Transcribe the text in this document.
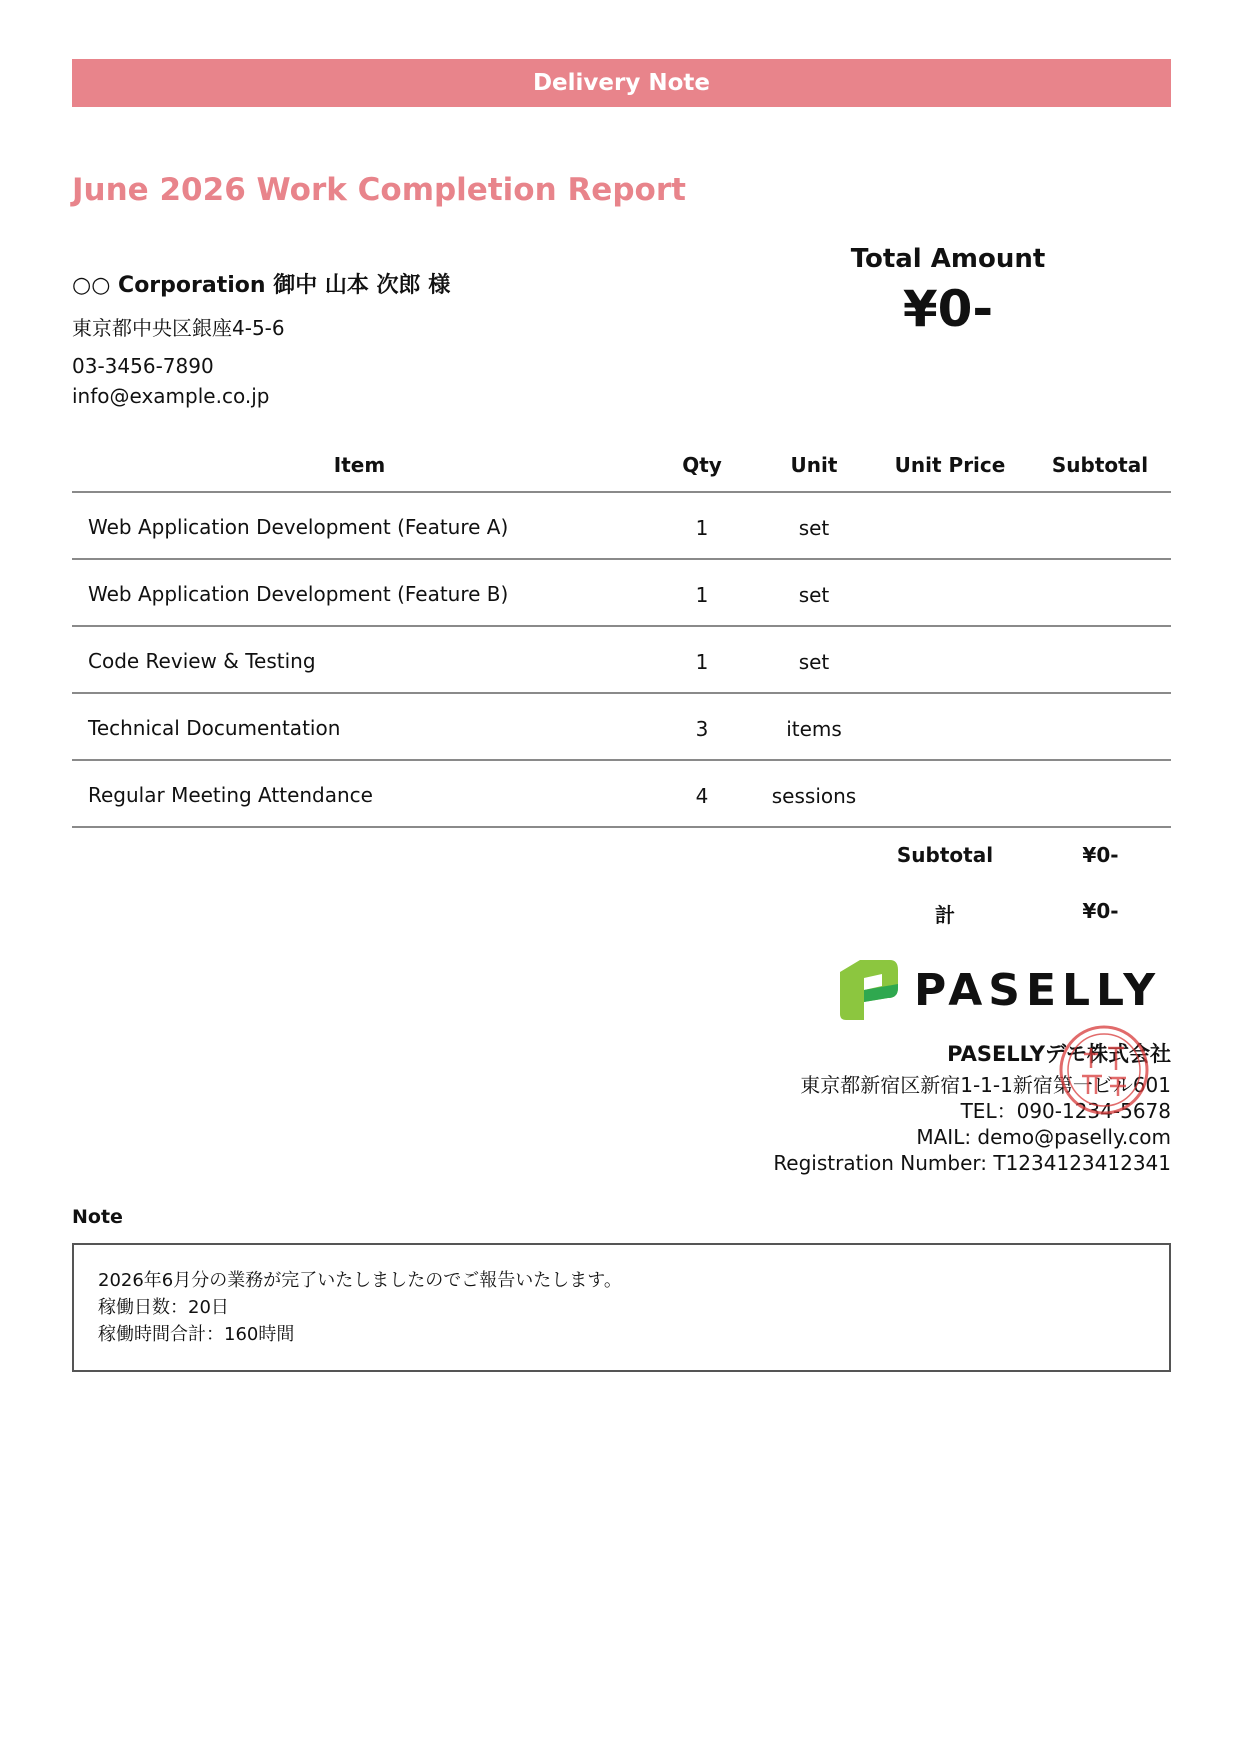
Delivery Note
June 2026 Work Completion Report
○○ Corporation 御中 山本 次郎 様
東京都中央区銀座4-5-6
03-3456-7890
info@example.co.jp
Total Amount
¥0-
Item	Qty	Unit	Unit Price	Subtotal
Web Application Development (Feature A)	1	set		
Web Application Development (Feature B)	1	set		
Code Review & Testing	1	set		
Technical Documentation	3	items		
Regular Meeting Attendance	4	sessions		
Subtotal	¥0-
計	¥0-
PASELLY
PASELLYデモ株式会社
東京都新宿区新宿1-1-1新宿第一ビル601
TEL：090-1234-5678
MAIL: demo@paselly.com
Registration Number: T1234123412341
Note
2026年6月分の業務が完了いたしましたのでご報告いたします。
稼働日数：20日
稼働時間合計：160時間
